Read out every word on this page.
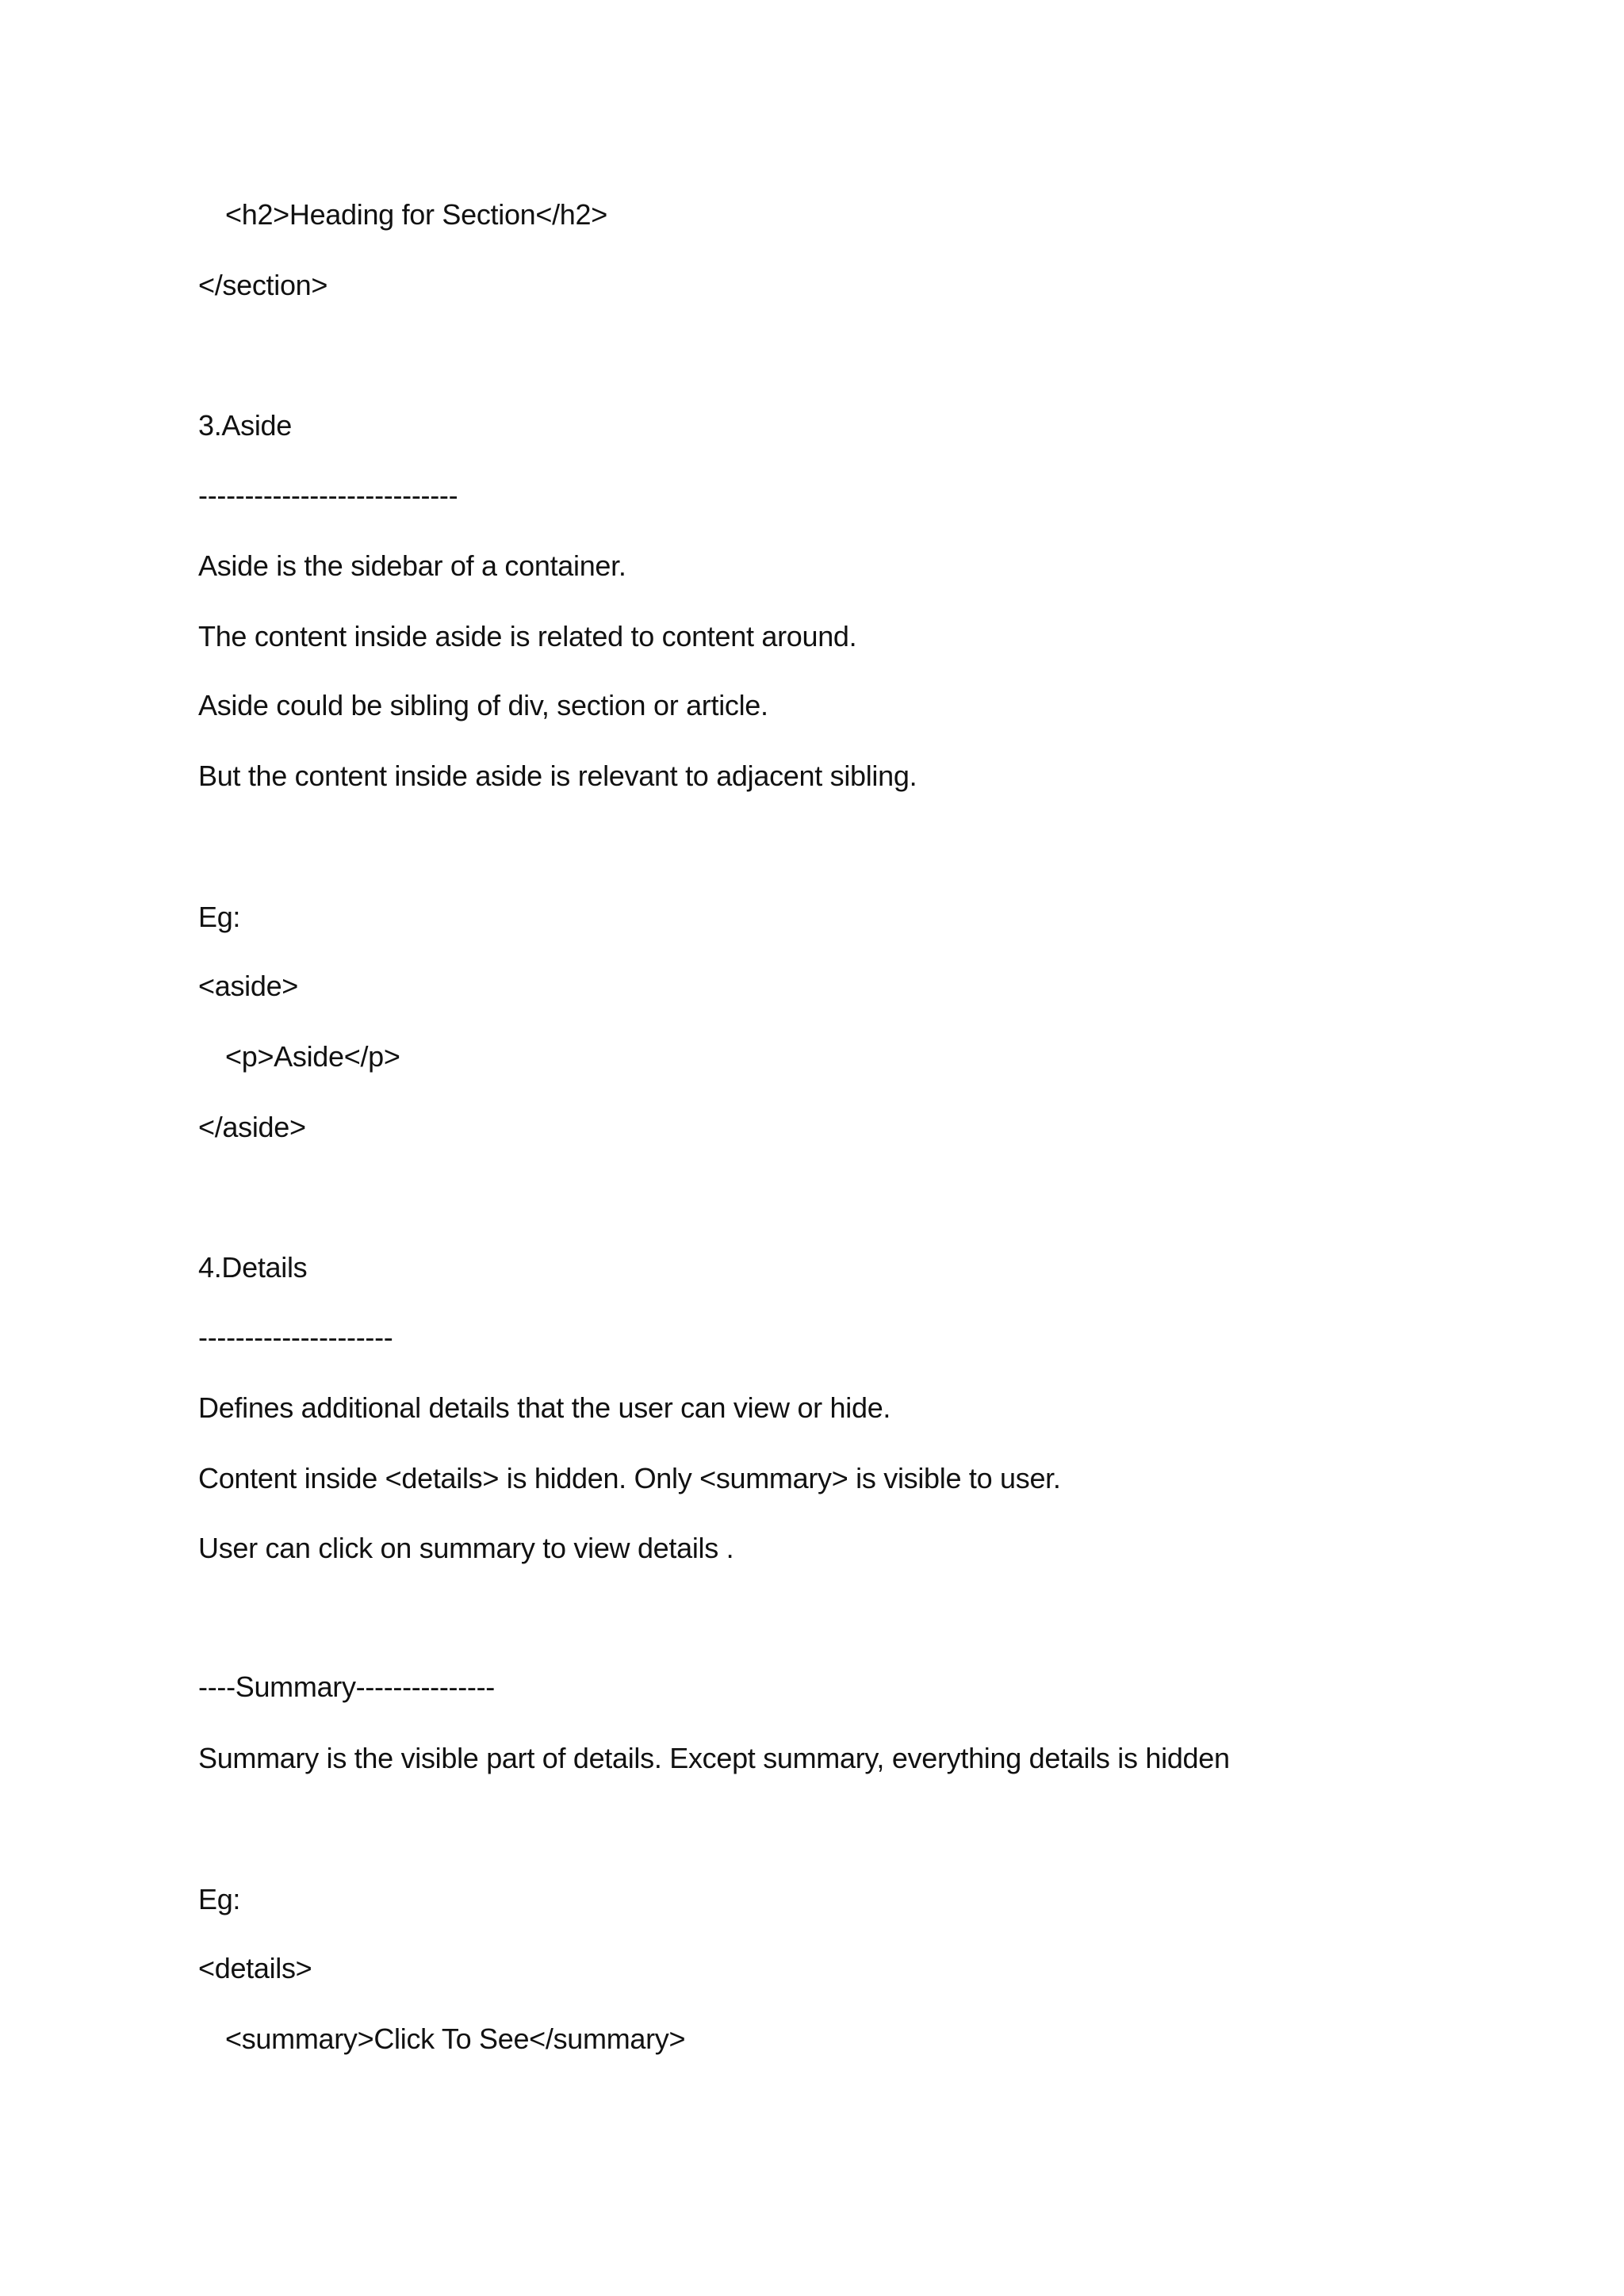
<h2>Heading for Section</h2>
</section>
3.Aside
----------------------------
Aside is the sidebar of a container.
The content inside aside is related to content around.
Aside could be sibling of div, section or article.
But the content inside aside is relevant to adjacent sibling.
Eg:
<aside>
<p>Aside</p>
</aside>
4.Details
---------------------
Defines additional details that the user can view or hide.
Content inside <details> is hidden. Only <summary> is visible to user.
User can click on summary to view details .
----Summary---------------
Summary is the visible part of details. Except summary, everything details is hidden
Eg:
<details>
<summary>Click To See</summary>
